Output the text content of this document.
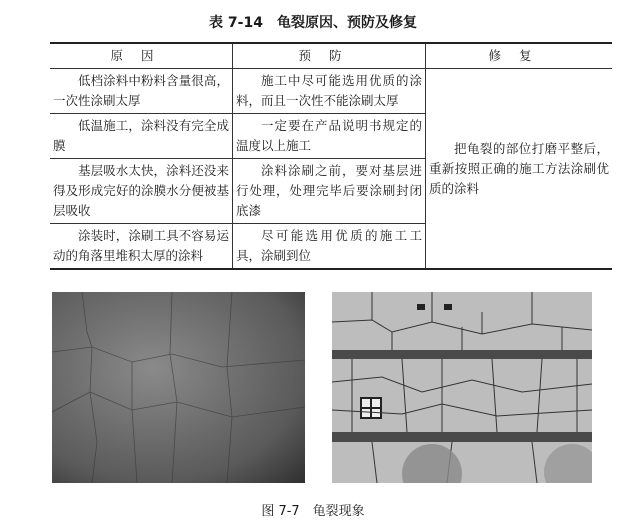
表 7-14　龟裂原因、预防及修复
原因	预防	修复
低档涂料中粉料含量很高，一次性涂刷太厚	施工中尽可能选用优质的涂料，而且一次性不能涂刷太厚	把龟裂的部位打磨平整后，重新按照正确的施工方法涂刷优质的涂料
低温施工，涂料没有完全成膜	一定要在产品说明书规定的温度以上施工	
基层吸水太快，涂料还没来得及形成完好的涂膜水分便被基层吸收	涂料涂刷之前，要对基层进行处理，处理完毕后要涂刷封闭底漆	
涂装时，涂刷工具不容易运动的角落里堆积太厚的涂料	尽可能选用优质的施工工具，涂刷到位	
图 7-7　龟裂现象
